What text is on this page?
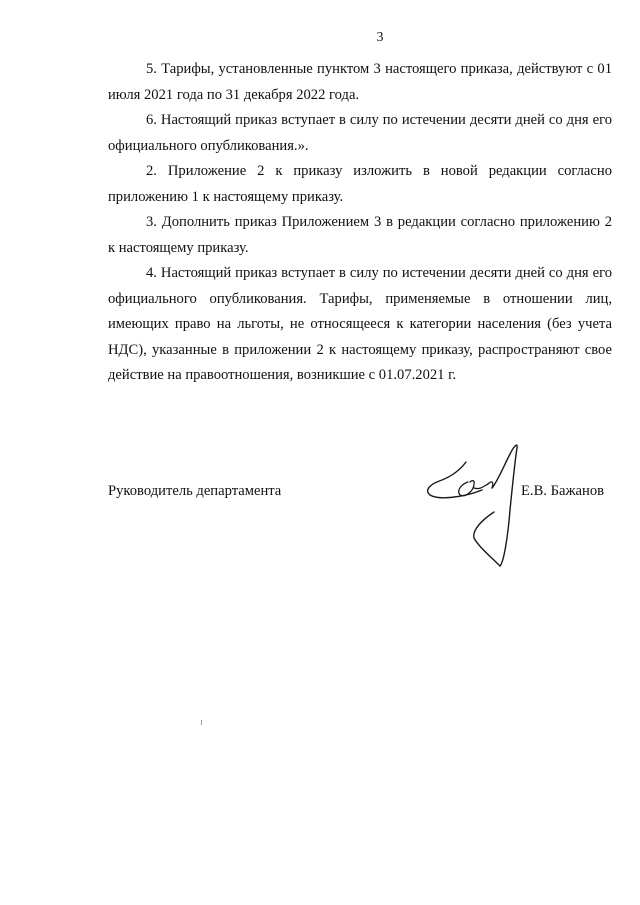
3

5. Тарифы, установленные пунктом 3 настоящего приказа, действуют с 01 июля 2021 года по 31 декабря 2022 года.

6. Настоящий приказ вступает в силу по истечении десяти дней со дня его официального опубликования.».

2. Приложение 2 к приказу изложить в новой редакции согласно приложению 1 к настоящему приказу.

3. Дополнить приказ Приложением 3 в редакции согласно приложению 2 к настоящему приказу.

4. Настоящий приказ вступает в силу по истечении десяти дней со дня его официального опубликования. Тарифы, применяемые в отношении лиц, имеющих право на льготы, не относящееся к категории населения (без учета НДС), указанные в приложении 2 к настоящему приказу, распространяют свое действие на правоотношения, возникшие с 01.07.2021 г.

Руководитель департамента	Е.В. Бажанов
